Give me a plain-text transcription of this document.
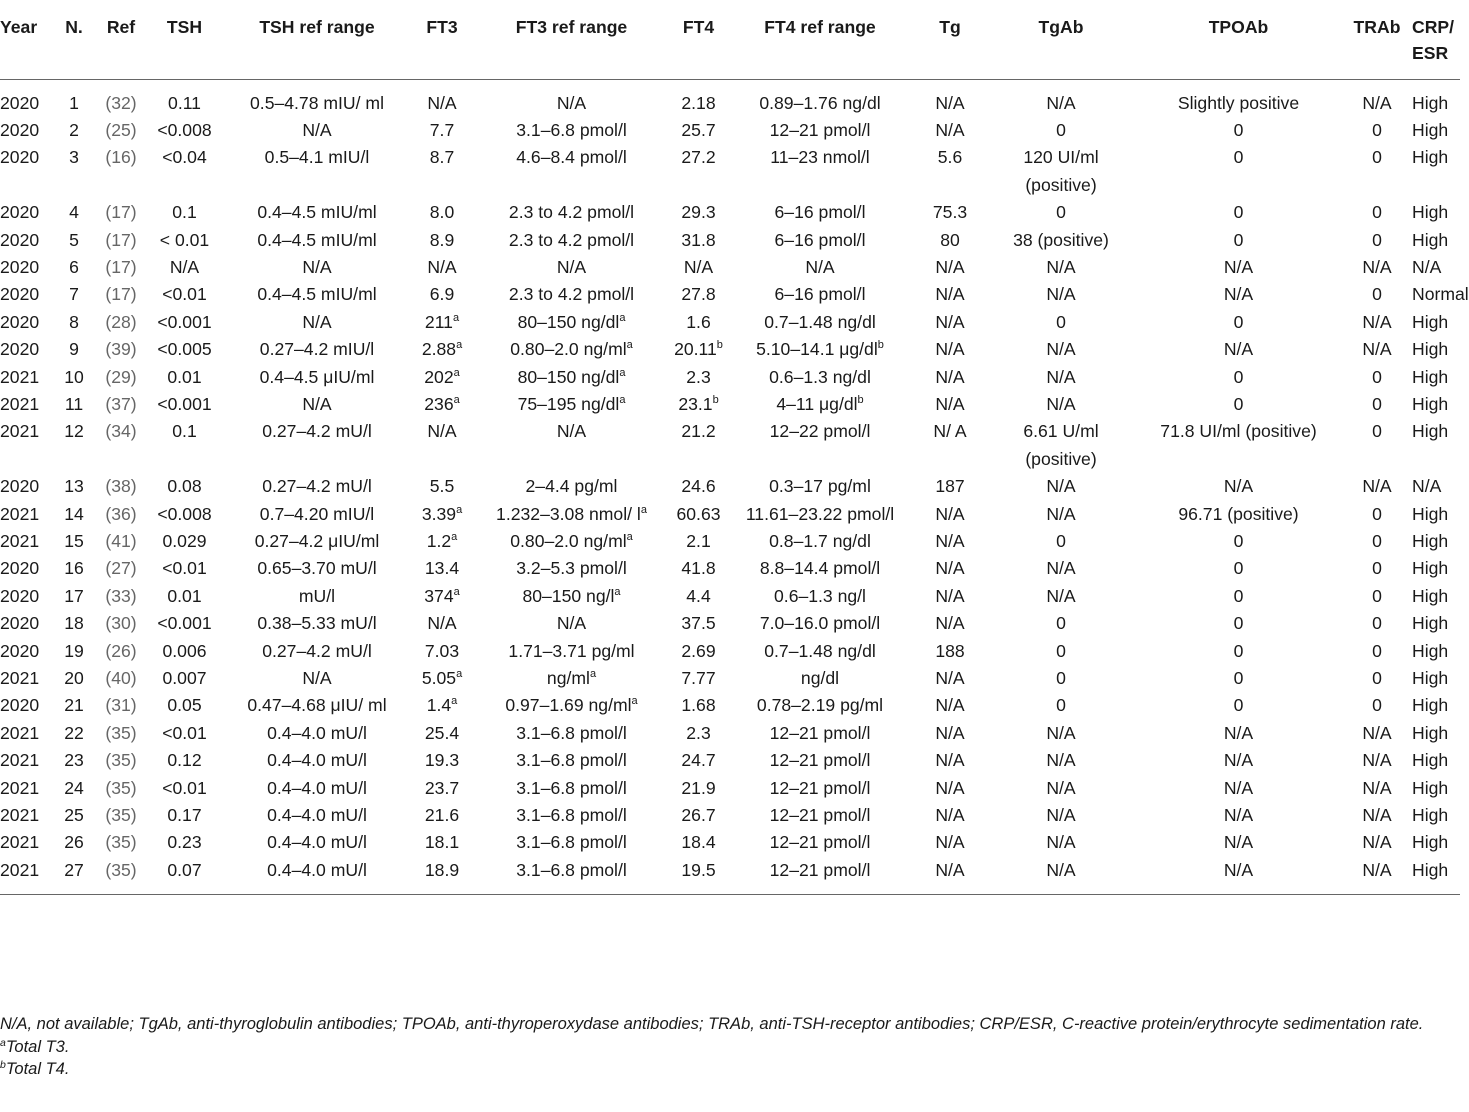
Year	N.	Ref	TSH	TSH ref range	FT3	FT3 ref range	FT4	FT4 ref range	Tg	TgAb	TPOAb	TRAb	CRP/ ESR
2020	1	(32)	0.11	0.5–4.78 mIU/ ml	N/A	N/A	2.18	0.89–1.76 ng/dl	N/A	N/A	Slightly positive	N/A	High
2020	2	(25)	<0.008	N/A	7.7	3.1–6.8 pmol/l	25.7	12–21 pmol/l	N/A	0	0	0	High
2020	3	(16)	<0.04	0.5–4.1 mIU/l	8.7	4.6–8.4 pmol/l	27.2	11–23 nmol/l	5.6	120 UI/ml (positive)	0	0	High
2020	4	(17)	0.1	0.4–4.5 mIU/ml	8.0	2.3 to 4.2 pmol/l	29.3	6–16 pmol/l	75.3	0	0	0	High
2020	5	(17)	< 0.01	0.4–4.5 mIU/ml	8.9	2.3 to 4.2 pmol/l	31.8	6–16 pmol/l	80	38 (positive)	0	0	High
2020	6	(17)	N/A	N/A	N/A	N/A	N/A	N/A	N/A	N/A	N/A	N/A	N/A
2020	7	(17)	<0.01	0.4–4.5 mIU/ml	6.9	2.3 to 4.2 pmol/l	27.8	6–16 pmol/l	N/A	N/A	N/A	0	Normal
2020	8	(28)	<0.001	N/A	211$^a$	80–150 $ng/dl^a$	1.6	0.7–1.48 ng/dl	N/A	0	0	N/A	High
2020	9	(39)	<0.005	0.27–4.2 mIU/l	2.88$^a$	0.80–2.0 $ng/ml^a$	20.11$^b$	5.10–14.1 $\mu g/dl^b$	N/A	N/A	N/A	N/A	High
2021	10	(29)	0.01	0.4–4.5 μIU/ml	202$^a$	80–150 $ng/dl^a$	2.3	0.6–1.3 ng/dl	N/A	N/A	0	0	High
2021	11	(37)	<0.001	N/A	236$^a$	75–195 $ng/dl^a$	23.1$^b$	4–11 $\mu g/dl^b$	N/A	N/A	0	0	High
2021	12	(34)	0.1	0.27–4.2 mU/l	N/A	N/A	21.2	12–22 pmol/l	N/ A	6.61 U/ml (positive)	71.8 UI/ml (positive)	0	High
2020	13	(38)	0.08	0.27–4.2 mU/l	5.5	2–4.4 pg/ml	24.6	0.3–17 pg/ml	187	N/A	N/A	N/A	N/A
2021	14	(36)	<0.008	0.7–4.20 mIU/l	3.39$^a$	1.232–3.08 nmol/ $l^a$	60.63	11.61–23.22 pmol/l	N/A	N/A	96.71 (positive)	0	High
2021	15	(41)	0.029	0.27–4.2 μIU/ml	1.2$^a$	0.80–2.0 $ng/ml^a$	2.1	0.8–1.7 ng/dl	N/A	0	0	0	High
2020	16	(27)	<0.01	0.65–3.70 mU/l	13.4	3.2–5.3 pmol/l	41.8	8.8–14.4 pmol/l	N/A	N/A	0	0	High
2020	17	(33)	0.01	mU/l	374$^a$	80–150 $ng/l^a$	4.4	0.6–1.3 ng/l	N/A	N/A	0	0	High
2020	18	(30)	<0.001	0.38–5.33 mU/l	N/A	N/A	37.5	7.0–16.0 pmol/l	N/A	0	0	0	High
2020	19	(26)	0.006	0.27–4.2 mU/l	7.03	1.71–3.71 pg/ml	2.69	0.7–1.48 ng/dl	188	0	0	0	High
2021	20	(40)	0.007	N/A	5.05$^a$	$ng/ml^a$	7.77	ng/dl	N/A	0	0	0	High
2020	21	(31)	0.05	0.47–4.68 μIU/ ml	1.4$^a$	0.97–1.69 $ng/ml^a$	1.68	0.78–2.19 pg/ml	N/A	0	0	0	High
2021	22	(35)	<0.01	0.4–4.0 mU/l	25.4	3.1–6.8 pmol/l	2.3	12–21 pmol/l	N/A	N/A	N/A	N/A	High
2021	23	(35)	0.12	0.4–4.0 mU/l	19.3	3.1–6.8 pmol/l	24.7	12–21 pmol/l	N/A	N/A	N/A	N/A	High
2021	24	(35)	<0.01	0.4–4.0 mU/l	23.7	3.1–6.8 pmol/l	21.9	12–21 pmol/l	N/A	N/A	N/A	N/A	High
2021	25	(35)	0.17	0.4–4.0 mU/l	21.6	3.1–6.8 pmol/l	26.7	12–21 pmol/l	N/A	N/A	N/A	N/A	High
2021	26	(35)	0.23	0.4–4.0 mU/l	18.1	3.1–6.8 pmol/l	18.4	12–21 pmol/l	N/A	N/A	N/A	N/A	High
2021	27	(35)	0.07	0.4–4.0 mU/l	18.9	3.1–6.8 pmol/l	19.5	12–21 pmol/l	N/A	N/A	N/A	N/A	High

N/A, not available; TgAb, anti-thyroglobulin antibodies; TPOAb, anti-thyroperoxydase antibodies; TRAb, anti-TSH-receptor antibodies; CRP/ESR, C-reactive protein/erythrocyte sedimentation rate.

$^a$Total T3.

$^b$Total T4.
